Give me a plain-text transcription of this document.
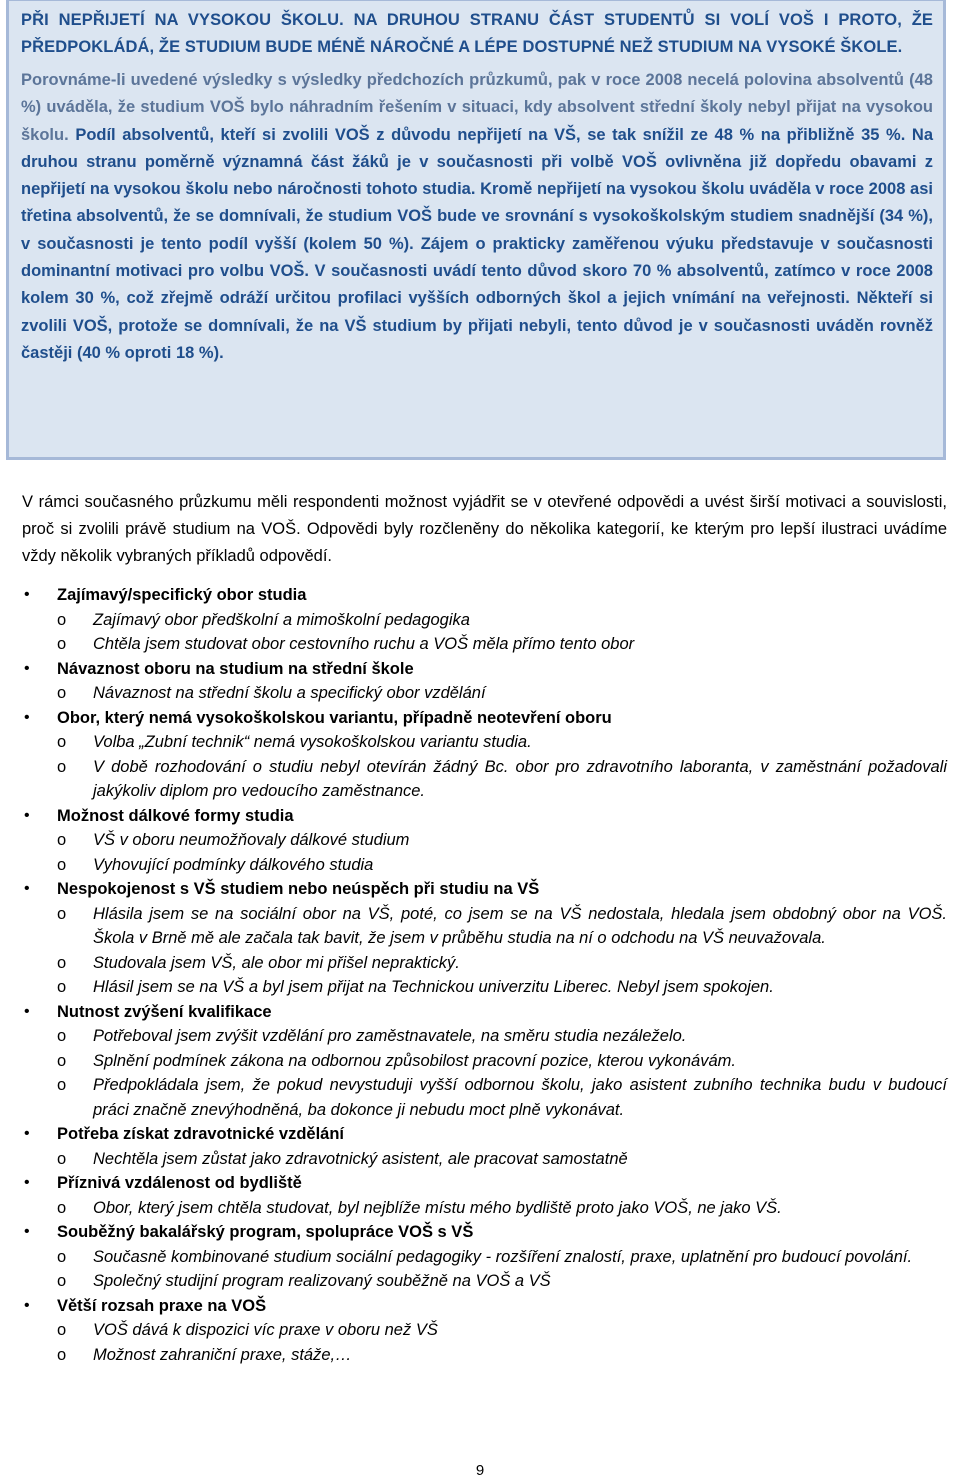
PŘI NEPŘIJETÍ NA VYSOKOU ŠKOLU. NA DRUHOU STRANU ČÁST STUDENTŮ SI VOLÍ VOŠ I PROTO, ŽE PŘEDPOKLÁDÁ, ŽE STUDIUM BUDE MÉNĚ NÁROČNÉ A LÉPE DOSTUPNÉ NEŽ STUDIUM NA VYSOKÉ ŠKOLE.

Porovnáme-li uvedené výsledky s výsledky předchozích průzkumů, pak v roce 2008 necelá polovina absolventů (48 %) uváděla, že studium VOŠ bylo náhradním řešením v situaci, kdy absolvent střední školy nebyl přijat na vysokou školu. Podíl absolventů, kteří si zvolili VOŠ z důvodu nepřijetí na VŠ, se tak snížil ze 48 % na přibližně 35 %. Na druhou stranu poměrně významná část žáků je v současnosti při volbě VOŠ ovlivněna již dopředu obavami z nepřijetí na vysokou školu nebo náročnosti tohoto studia. Kromě nepřijetí na vysokou školu uváděla v roce 2008 asi třetina absolventů, že se domnívali, že studium VOŠ bude ve srovnání s vysokoškolským studiem snadnější (34 %), v současnosti je tento podíl vyšší (kolem 50 %). Zájem o prakticky zaměřenou výuku představuje v současnosti dominantní motivaci pro volbu VOŠ. V současnosti uvádí tento důvod skoro 70 % absolventů, zatímco v roce 2008 kolem 30 %, což zřejmě odráží určitou profilaci vyšších odborných škol a jejich vnímání na veřejnosti. Někteří si zvolili VOŠ, protože se domnívali, že na VŠ studium by přijati nebyli, tento důvod je v současnosti uváděn rovněž častěji (40 % oproti 18 %).

V rámci současného průzkumu měli respondenti možnost vyjádřit se v otevřené odpovědi a uvést širší motivaci a souvislosti, proč si zvolili právě studium na VOŠ. Odpovědi byly rozčleněny do několika kategorií, ke kterým pro lepší ilustraci uvádíme vždy několik vybraných příkladů odpovědí.

• Zajímavý/specifický obor studia
o Zajímavý obor předškolní a mimoškolní pedagogika
o Chtěla jsem studovat obor cestovního ruchu a VOŠ měla přímo tento obor
• Návaznost oboru na studium na střední škole
o Návaznost na střední školu a specifický obor vzdělání
• Obor, který nemá vysokoškolskou variantu, případně neotevření oboru
o Volba „Zubní technik“ nemá vysokoškolskou variantu studia.
o V době rozhodování o studiu nebyl otevírán žádný Bc. obor pro zdravotního laboranta, v zaměstnání požadovali jakýkoliv diplom pro vedoucího zaměstnance.
• Možnost dálkové formy studia
o VŠ v oboru neumožňovaly dálkové studium
o Vyhovující podmínky dálkového studia
• Nespokojenost s VŠ studiem nebo neúspěch při studiu na VŠ
o Hlásila jsem se na sociální obor na VŠ, poté, co jsem se na VŠ nedostala, hledala jsem obdobný obor na VOŠ. Škola v Brně mě ale začala tak bavit, že jsem v průběhu studia na ní o odchodu na VŠ neuvažovala.
o Studovala jsem VŠ, ale obor mi přišel nepraktický.
o Hlásil jsem se na VŠ a byl jsem přijat na Technickou univerzitu Liberec. Nebyl jsem spokojen.
• Nutnost zvýšení kvalifikace
o Potřeboval jsem zvýšit vzdělání pro zaměstnavatele, na směru studia nezáleželo.
o Splnění podmínek zákona na odbornou způsobilost pracovní pozice, kterou vykonávám.
o Předpokládala jsem, že pokud nevystuduji vyšší odbornou školu, jako asistent zubního technika budu v budoucí práci značně znevýhodněná, ba dokonce ji nebudu moct plně vykonávat.
• Potřeba získat zdravotnické vzdělání
o Nechtěla jsem zůstat jako zdravotnický asistent, ale pracovat samostatně
• Příznivá vzdálenost od bydliště
o Obor, který jsem chtěla studovat, byl nejblíže místu mého bydliště proto jako VOŠ, ne jako VŠ.
• Souběžný bakalářský program, spolupráce VOŠ s VŠ
o Současně kombinované studium sociální pedagogiky - rozšíření znalostí, praxe, uplatnění pro budoucí povolání.
o Společný studijní program realizovaný souběžně na VOŠ a VŠ
• Větší rozsah praxe na VOŠ
o VOŠ dává k dispozici víc praxe v oboru než VŠ
o Možnost zahraniční praxe, stáže,…
9
